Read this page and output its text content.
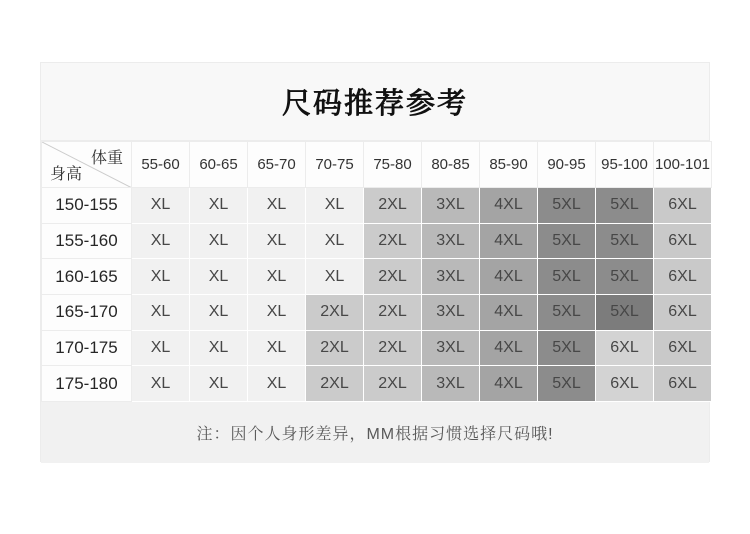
尺码推荐参考
体重
身高	55-60	60-65	65-70	70-75	75-80	80-85	85-90	90-95	95-100	100-101
150-155	XL	XL	XL	XL	2XL	3XL	4XL	5XL	5XL	6XL
155-160	XL	XL	XL	XL	2XL	3XL	4XL	5XL	5XL	6XL
160-165	XL	XL	XL	XL	2XL	3XL	4XL	5XL	5XL	6XL
165-170	XL	XL	XL	2XL	2XL	3XL	4XL	5XL	5XL	6XL
170-175	XL	XL	XL	2XL	2XL	3XL	4XL	5XL	6XL	6XL
175-180	XL	XL	XL	2XL	2XL	3XL	4XL	5XL	6XL	6XL

注：因个人身形差异，MM根据习惯选择尺码哦!
